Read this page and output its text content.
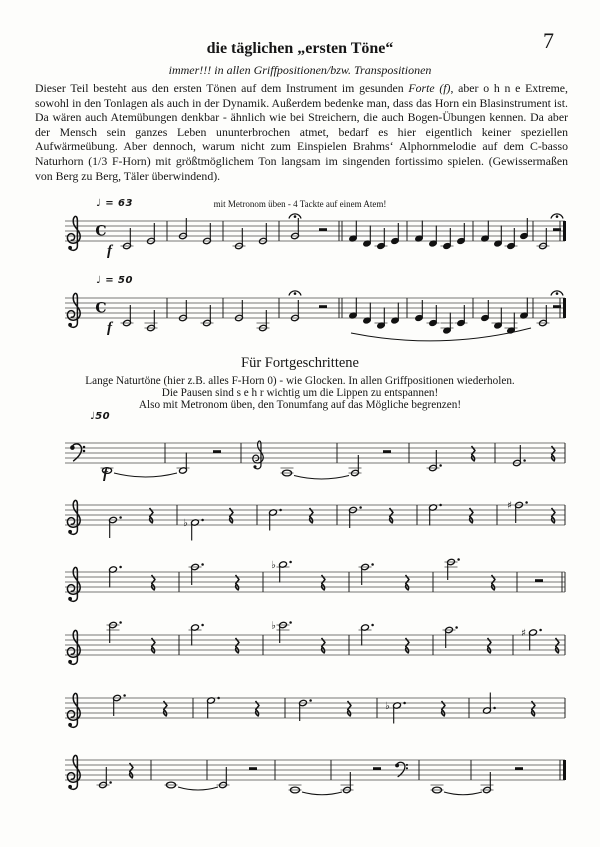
7
die täglichen „ersten Töne“
immer!!! in allen Griffpositionen/bzw. Transpositionen
Dieser Teil besteht aus den ersten Tönen auf dem Instrument im gesunden Forte (f), aber o h n e Extreme, sowohl in den Tonlagen als auch in der Dynamik. Außerdem bedenke man, dass das Horn ein Blasinstrument ist. Da wären auch Atemübungen denkbar - ähnlich wie bei Streichern, die auch Bogen-Übungen kennen. Da aber der Mensch sein ganzes Leben ununterbrochen atmet, bedarf es hier eigentlich keiner speziellen Aufwärmeübung. Aber dennoch, warum nicht zum Einspielen Brahms‘ Alphornmelodie auf dem C-basso Naturhorn (1/3 F-Horn) mit größtmöglichem Ton langsam im singenden fortissimo spielen. (Gewissermaßen von Berg zu Berg, Täler überwindend).
♩ = 63	mit Metronom üben - 4 Tackte auf einem Atem!
f
♩ = 50
f
Für Fortgeschrittene
Lange Naturtöne (hier z.B. alles F-Horn 0) - wie Glocken. In allen Griffpositionen wiederholen.
Die Pausen sind s e h r wichtig um die Lippen zu entspannen!
Also mit Metronom üben, den Tonumfang auf das Mögliche begrenzen!
♩50
f
C
C
♭
♯
♭
♭
♯
♭
